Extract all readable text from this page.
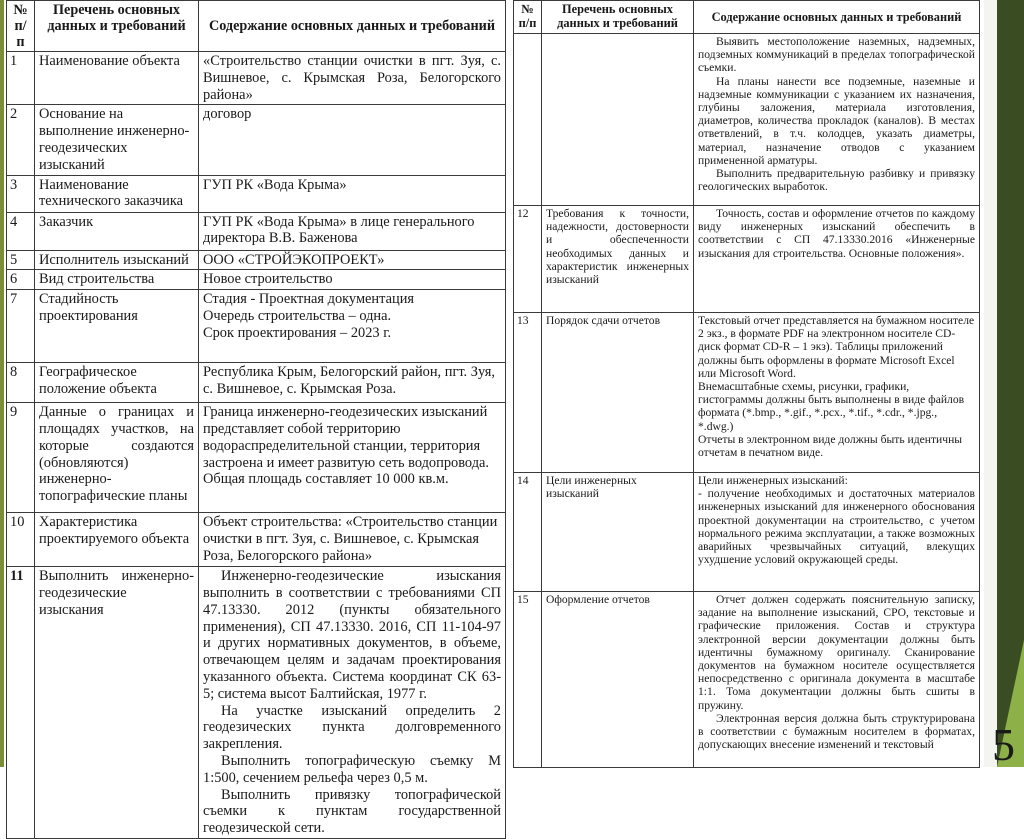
5
№ п/п	Перечень основных данных и требований	Содержание основных данных и требований
1	Наименование объекта	«Строительство станции очистки в пгт. Зуя, с. Вишневое, с. Крымская Роза, Белогорского района»

2	Основание на выполнение инженерно-геодезических изысканий	договор

3	Наименование технического заказчика	ГУП РК «Вода Крыма»

4	Заказчик	ГУП РК «Вода Крыма» в лице генерального директора В.В. Баженова

5	Исполнитель изысканий	ООО «СТРОЙЭКОПРОЕКТ»

6	Вид строительства	Новое строительство

7	Стадийность проектирования	Стадия - Проектная документация

Очередь строительства – одна.

Срок проектирования – 2023 г.

8	Географическое положение объекта	Республика Крым, Белогорский район, пгт. Зуя, с. Вишневое, с. Крымская Роза.

9	Данные о границах и площадях участков, на которые создаются (обновляются) инженерно-топографические планы	Граница инженерно-геодезических изысканий представляет собой территорию водораспределительной станции, территория застроена и имеет развитую сеть водопровода.

Общая площадь составляет 10 000 кв.м.

10	Характеристика проектируемого объекта	Объект строительства: «Строительство станции очистки в пгт. Зуя, с. Вишневое, с. Крымская Роза, Белогорского района»

11	Выполнить инженерно-геодезические изыскания	Инженерно-геодезические изыскания выполнить в соответствии с требованиями СП 47.13330. 2012 (пункты обязательного применения), СП 47.13330. 2016, СП 11-104-97 и других нормативных документов, в объеме, отвечающем целям и задачам проектирования указанного объекта. Система координат СК 63-5; система высот Балтийская, 1977 г.

На участке изысканий определить 2 геодезических пункта долговременного закрепления.

Выполнить топографическую съемку М 1:500, сечением рельефа через 0,5 м.

Выполнить привязку топографической съемки к пунктам государственной геодезической сети.

№ п/п	Перечень основных данных и требований	Содержание основных данных и требований

		Выявить местоположение наземных, надземных, подземных коммуникаций в пределах топографической съемки.

На планы нанести все подземные, наземные и надземные коммуникации с указанием их назначения, глубины заложения, материала изготовления, диаметров, количества прокладок (каналов). В местах ответвлений, в т.ч. колодцев, указать диаметры, материал, назначение отводов с указанием примененной арматуры.

Выполнить предварительную разбивку и привязку геологических выработок.

12	Требования к точности, надежности, достоверности и обеспеченности необходимых данных и характеристик инженерных изысканий	Точность, состав и оформление отчетов по каждому виду инженерных изысканий обеспечить в соответствии с СП 47.13330.2016 «Инженерные изыскания для строительства. Основные положения».

13	Порядок сдачи отчетов	Текстовый отчет представляется на бумажном носителе 2 экз., в формате PDF на электронном носителе CD-диск формат CD-R – 1 экз). Таблицы приложений должны быть оформлены в формате Microsoft Excel или Microsoft Word.

Внемасштабные схемы, рисунки, графики, гистограммы должны быть выполнены в виде файлов формата (*.bmp., *.gif., *.pcx., *.tif., *.cdr., *.jpg., *.dwg.)

Отчеты в электронном виде должны быть идентичны отчетам в печатном виде.

14	Цели инженерных изысканий	Цели инженерных изысканий:

- получение необходимых и достаточных материалов инженерных изысканий для инженерного обоснования проектной документации на строительство, с учетом нормального режима эксплуатации, а также возможных аварийных чрезвычайных ситуаций, влекущих ухудшение условий окружающей среды.

15	Оформление отчетов	Отчет должен содержать пояснительную записку, задание на выполнение изысканий, СРО, текстовые и графические приложения. Состав и структура электронной версии документации должны быть идентичны бумажному оригиналу. Сканирование документов на бумажном носителе осуществляется непосредственно с оригинала документа в масштабе 1:1. Тома документации должны быть сшиты в пружину.

Электронная версия должна быть структурирована в соответствии с бумажным носителем в форматах, допускающих внесение изменений и текстовый
